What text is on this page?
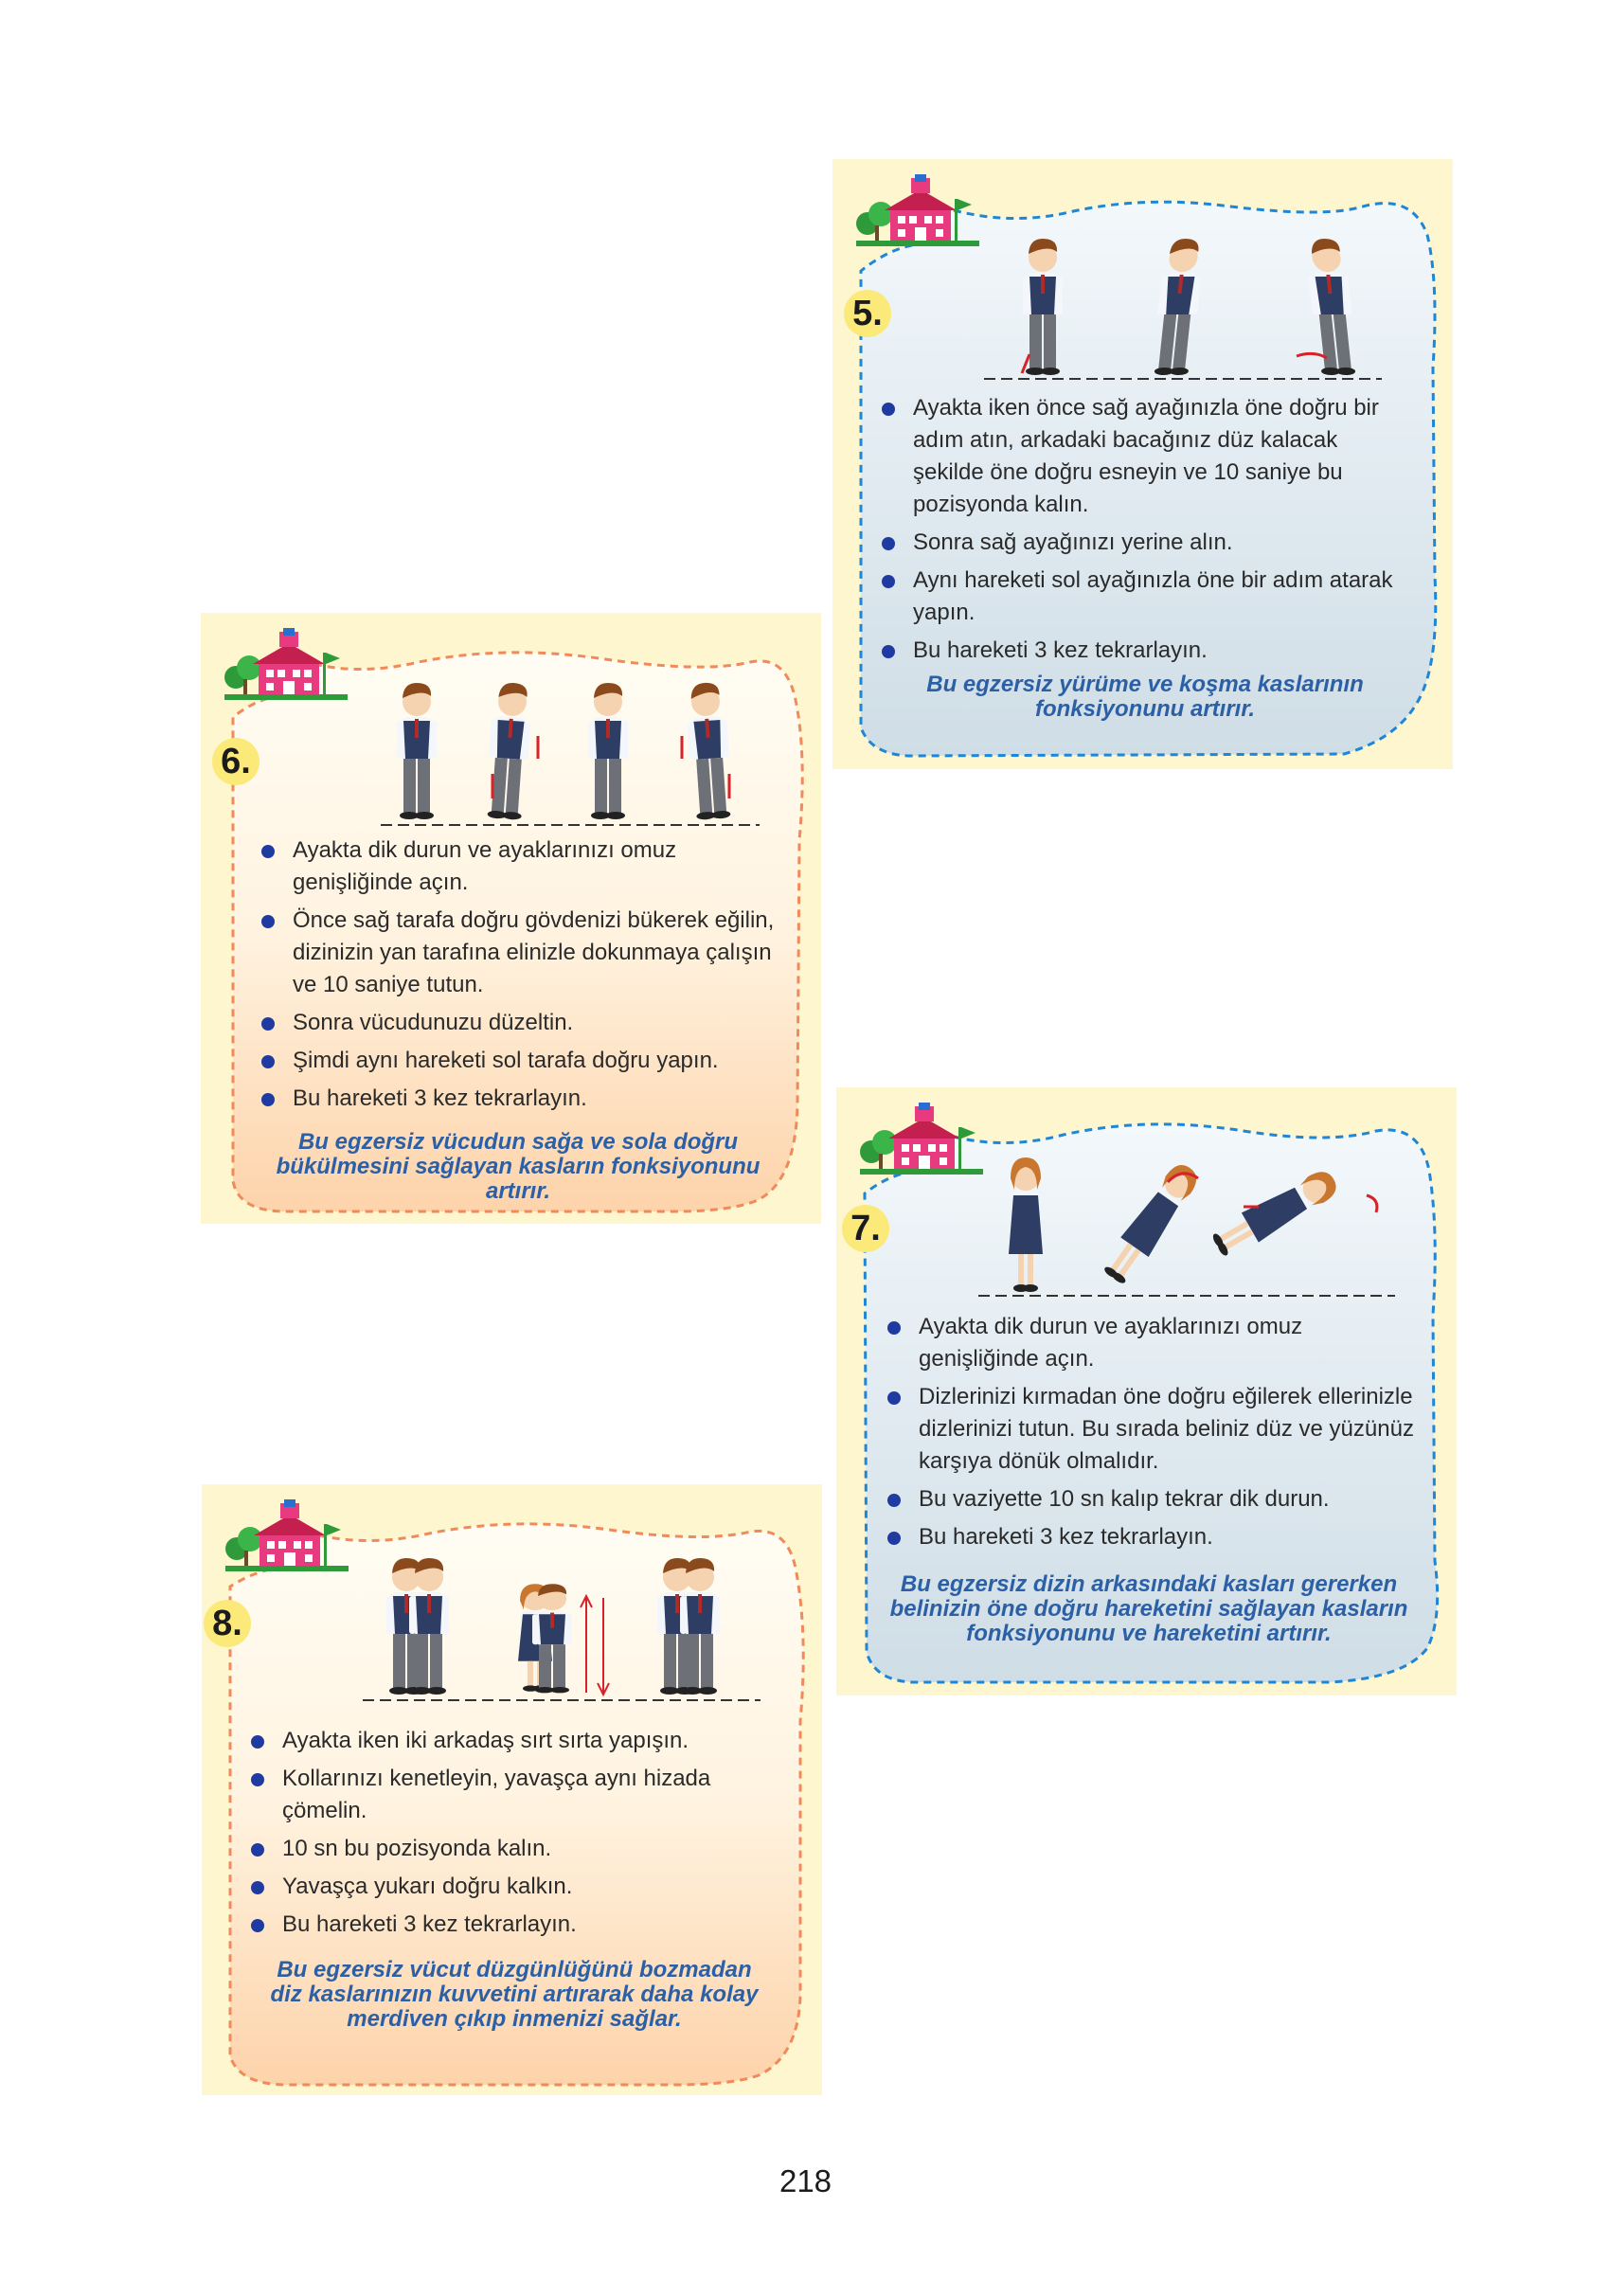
5.
Ayakta iken önce sağ ayağınızla öne doğru bir adım atın, arkadaki bacağınız düz kalacak şekilde öne doğru esneyin ve 10 saniye bu pozisyonda kalın.
Sonra sağ ayağınızı yerine alın.
Aynı hareketi sol ayağınızla öne bir adım atarak yapın.
Bu hareketi 3 kez tekrarlayın.
Bu egzersiz yürüme ve koşma kaslarının fonksiyonunu artırır.
6.
Ayakta dik durun ve ayaklarınızı omuz genişliğinde açın.
Önce sağ tarafa doğru gövdenizi bükerek eğilin, dizinizin yan tarafına elinizle dokunmaya çalışın ve 10 saniye tutun.
Sonra vücudunuzu düzeltin.
Şimdi aynı hareketi sol tarafa doğru yapın.
Bu hareketi 3 kez tekrarlayın.
Bu egzersiz vücudun sağa ve sola doğru bükülmesini sağlayan kasların fonksiyonunu artırır.
7.
Ayakta dik durun ve ayaklarınızı omuz genişliğinde açın.
Dizlerinizi kırmadan öne doğru eğilerek ellerinizle dizlerinizi tutun. Bu sırada beliniz düz ve yüzünüz karşıya dönük olmalıdır.
Bu vaziyette 10 sn kalıp tekrar dik durun.
Bu hareketi 3 kez tekrarlayın.
Bu egzersiz dizin arkasındaki kasları gererken belinizin öne doğru hareketini sağlayan kasların fonksiyonunu ve hareketini artırır.
8.
Ayakta iken iki arkadaş sırt sırta yapışın.
Kollarınızı kenetleyin, yavaşça aynı hizada çömelin.
10 sn bu pozisyonda kalın.
Yavaşça yukarı doğru kalkın.
Bu hareketi 3 kez tekrarlayın.
Bu egzersiz vücut düzgünlüğünü bozmadan diz kaslarınızın kuvvetini artırarak daha kolay merdiven çıkıp inmenizi sağlar.
218
